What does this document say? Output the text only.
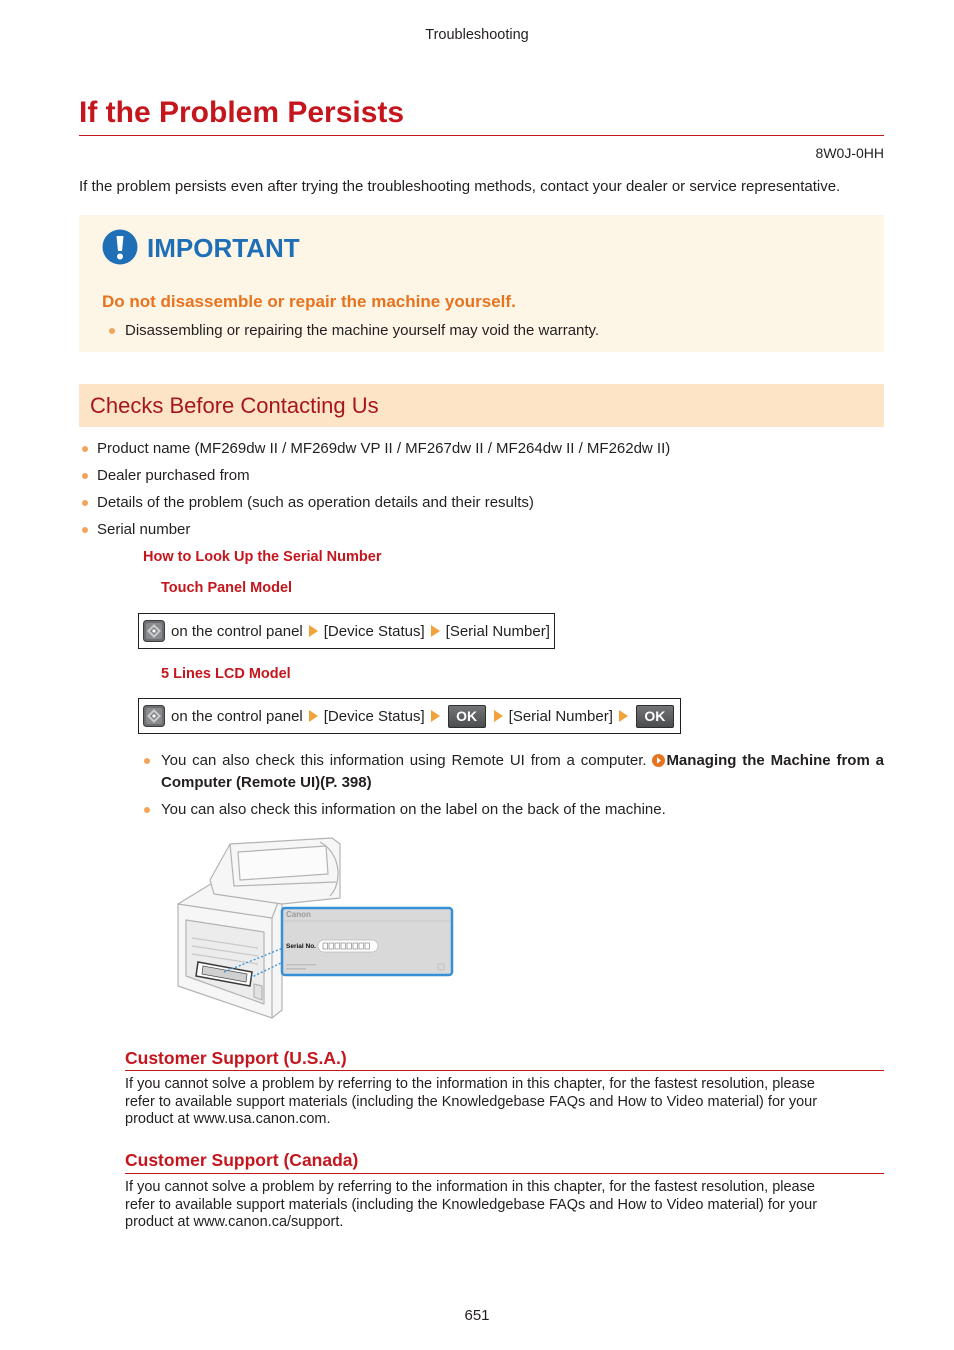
Troubleshooting
If the Problem Persists
8W0J-0HH

If the problem persists even after trying the troubleshooting methods, contact your dealer or service representative.

IMPORTANT
Do not disassemble or repair the machine yourself.
Disassembling or repairing the machine yourself may void the warranty.
Checks Before Contacting Us
Product name (MF269dw II / MF269dw VP II / MF267dw II / MF264dw II / MF262dw II)
Dealer purchased from
Details of the problem (such as operation details and their results)
Serial number
How to Look Up the Serial Number
Touch Panel Model
on the control panel [Device Status] [Serial Number]
5 Lines LCD Model
on the control panel [Device Status]	OK	[Serial Number]	OK
You can also check this information using Remote UI from a computer. Managing the Machine from a Computer (Remote UI)(P. 398)
You can also check this information on the label on the back of the machine.
Canon
Serial No.
Customer Support (U.S.A.)
If you cannot solve a problem by referring to the information in this chapter, for the fastest resolution, please
refer to available support materials (including the Knowledgebase FAQs and How to Video material) for your
product at www.usa.canon.com.
Customer Support (Canada)
If you cannot solve a problem by referring to the information in this chapter, for the fastest resolution, please
refer to available support materials (including the Knowledgebase FAQs and How to Video material) for your
product at www.canon.ca/support.
651
